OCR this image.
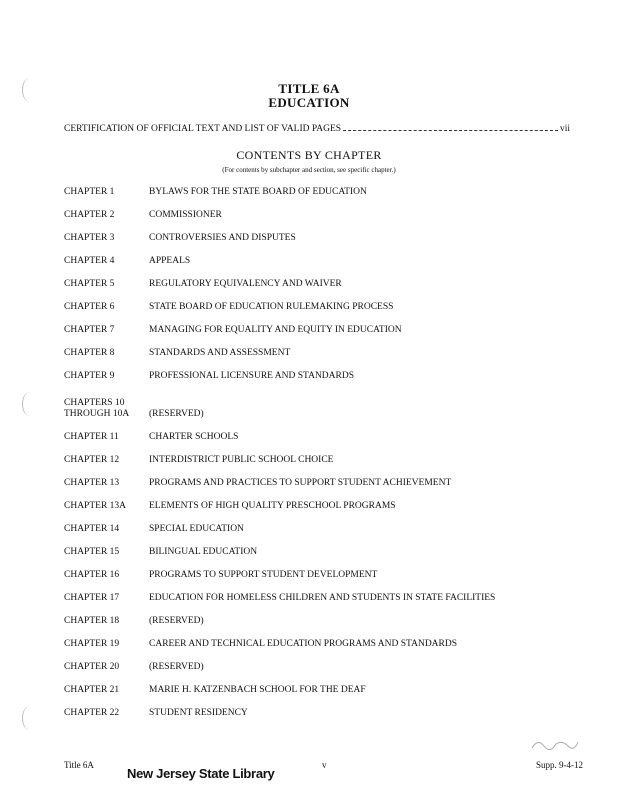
TITLE 6A
EDUCATION
CERTIFICATION OF OFFICIAL TEXT AND LIST OF VALID PAGES	vii
CONTENTS BY CHAPTER
(For contents by subchapter and section, see specific chapter.)
CHAPTER 1	BYLAWS FOR THE STATE BOARD OF EDUCATION
CHAPTER 2	COMMISSIONER
CHAPTER 3	CONTROVERSIES AND DISPUTES
CHAPTER 4	APPEALS
CHAPTER 5	REGULATORY EQUIVALENCY AND WAIVER
CHAPTER 6	STATE BOARD OF EDUCATION RULEMAKING PROCESS
CHAPTER 7	MANAGING FOR EQUALITY AND EQUITY IN EDUCATION
CHAPTER 8	STANDARDS AND ASSESSMENT
CHAPTER 9	PROFESSIONAL LICENSURE AND STANDARDS
CHAPTERS 10
THROUGH 10A	(RESERVED)
CHAPTER 11	CHARTER SCHOOLS
CHAPTER 12	INTERDISTRICT PUBLIC SCHOOL CHOICE
CHAPTER 13	PROGRAMS AND PRACTICES TO SUPPORT STUDENT ACHIEVEMENT
CHAPTER 13A	ELEMENTS OF HIGH QUALITY PRESCHOOL PROGRAMS
CHAPTER 14	SPECIAL EDUCATION
CHAPTER 15	BILINGUAL EDUCATION
CHAPTER 16	PROGRAMS TO SUPPORT STUDENT DEVELOPMENT
CHAPTER 17	EDUCATION FOR HOMELESS CHILDREN AND STUDENTS IN STATE FACILITIES
CHAPTER 18	(RESERVED)
CHAPTER 19	CAREER AND TECHNICAL EDUCATION PROGRAMS AND STANDARDS
CHAPTER 20	(RESERVED)
CHAPTER 21	MARIE H. KATZENBACH SCHOOL FOR THE DEAF
CHAPTER 22	STUDENT RESIDENCY
Title 6A	v	Supp. 9-4-12
New Jersey State Library
